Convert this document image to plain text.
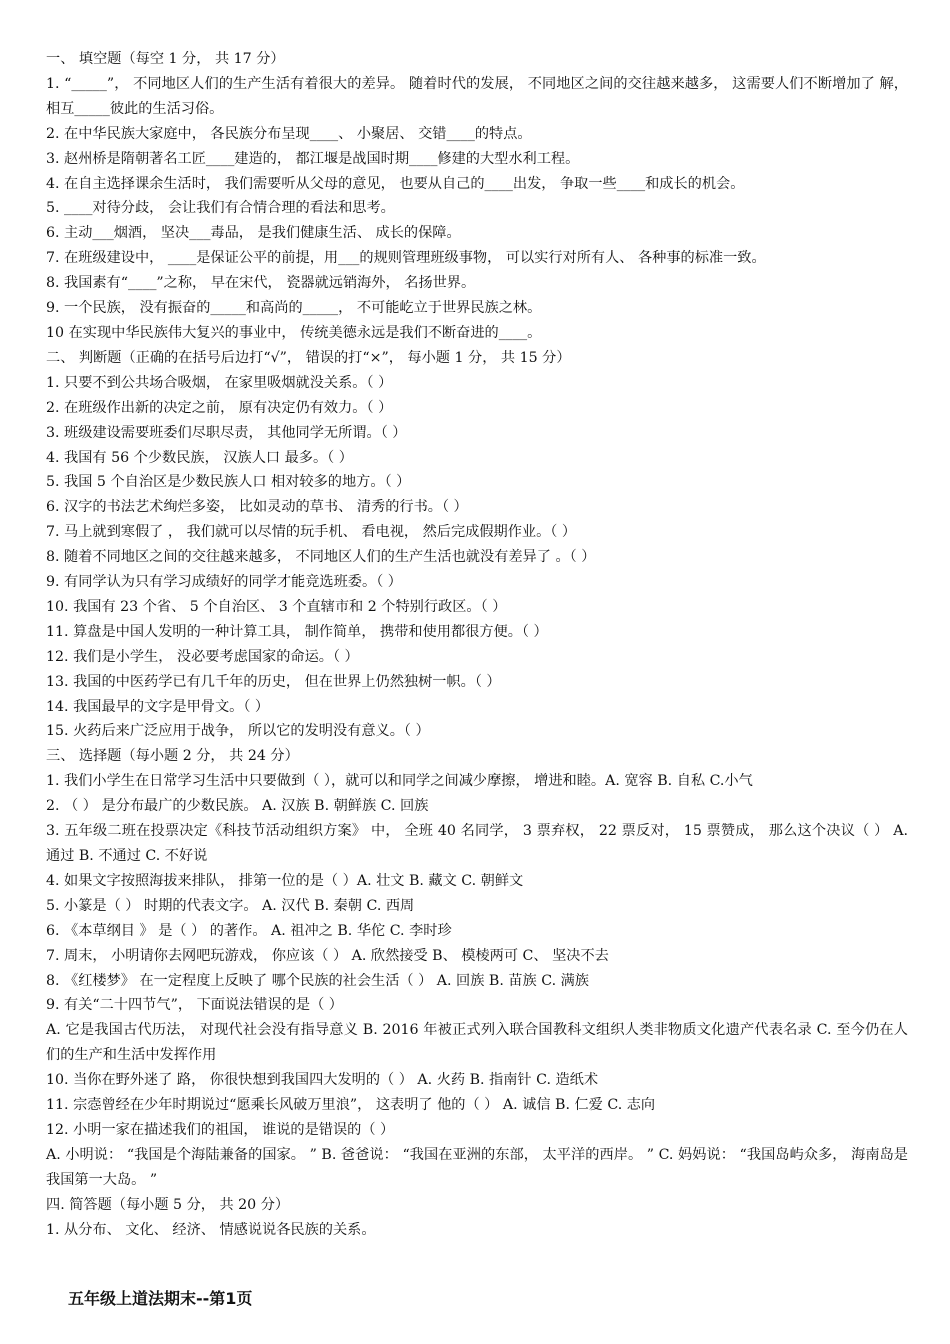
一、 填空题（每空 1 分， 共 17 分）
1. “_____”， 不同地区人们的生产生活有着很大的差异。 随着时代的发展， 不同地区之间的交往越来越多， 这需要人们不断增加了 解， 相互_____彼此的生活习俗。
2. 在中华民族大家庭中， 各民族分布呈现____、 小聚居、 交错____的特点。
3. 赵州桥是隋朝著名工匠____建造的， 都江堰是战国时期____修建的大型水利工程。
4. 在自主选择课余生活时， 我们需要听从父母的意见， 也要从自己的____出发， 争取一些____和成长的机会。
5. ____对待分歧， 会让我们有合情合理的看法和思考。
6. 主动___烟酒， 坚决___毒品， 是我们健康生活、 成长的保障。
7. 在班级建设中， ____是保证公平的前提，用___的规则管理班级事物， 可以实行对所有人、 各种事的标准一致。
8. 我国素有“____”之称， 早在宋代， 瓷器就远销海外， 名扬世界。
9. 一个民族， 没有振奋的_____和高尚的_____， 不可能屹立于世界民族之林。
10 在实现中华民族伟大复兴的事业中， 传统美德永远是我们不断奋进的____。
二、 判断题（正确的在括号后边打“√”， 错误的打“×”， 每小题 1 分， 共 15 分）
1. 只要不到公共场合吸烟， 在家里吸烟就没关系。（ ）
2. 在班级作出新的决定之前， 原有决定仍有效力。（ ）
3. 班级建设需要班委们尽职尽责， 其他同学无所谓。（ ）
4. 我国有 56 个少数民族， 汉族人口 最多。（ ）
5. 我国 5 个自治区是少数民族人口 相对较多的地方。（ ）
6. 汉字的书法艺术绚烂多姿， 比如灵动的草书、 清秀的行书。（ ）
7. 马上就到寒假了 ， 我们就可以尽情的玩手机、 看电视， 然后完成假期作业。（ ）
8. 随着不同地区之间的交往越来越多， 不同地区人们的生产生活也就没有差异了 。（ ）
9. 有同学认为只有学习成绩好的同学才能竞选班委。（ ）
10. 我国有 23 个省、 5 个自治区、 3 个直辖市和 2 个特别行政区。（ ）
11. 算盘是中国人发明的一种计算工具， 制作简单， 携带和使用都很方便。（ ）
12. 我们是小学生， 没必要考虑国家的命运。（ ）
13. 我国的中医药学已有几千年的历史， 但在世界上仍然独树一帜。（ ）
14. 我国最早的文字是甲骨文。（ ）
15. 火药后来广泛应用于战争， 所以它的发明没有意义。（ ）
三、 选择题（每小题 2 分， 共 24 分）
1. 我们小学生在日常学习生活中只要做到（ ），就可以和同学之间减少摩擦， 增进和睦。A. 宽容 B. 自私 C.小气
2. （ ） 是分布最广的少数民族。 A. 汉族 B. 朝鲜族 C. 回族
3. 五年级二班在投票决定《科技节活动组织方案》 中， 全班 40 名同学， 3 票弃权， 22 票反对， 15 票赞成， 那么这个决议（ ） A. 通过 B. 不通过 C. 不好说
4. 如果文字按照海拔来排队， 排第一位的是（ ）A. 壮文 B. 藏文 C. 朝鲜文
5. 小篆是（ ） 时期的代表文字。 A. 汉代 B. 秦朝 C. 西周
6. 《本草纲目 》 是（ ） 的著作。 A. 祖冲之 B. 华佗 C. 李时珍
7. 周末， 小明请你去网吧玩游戏， 你应该（ ） A. 欣然接受 B、 模棱两可 C、 坚决不去
8. 《红楼梦》 在一定程度上反映了 哪个民族的社会生活（ ） A. 回族 B. 苗族 C. 满族
9. 有关“二十四节气”， 下面说法错误的是（ ）
A. 它是我国古代历法， 对现代社会没有指导意义 B. 2016 年被正式列入联合国教科文组织人类非物质文化遗产代表名录 C. 至今仍在人们的生产和生活中发挥作用
10. 当你在野外迷了 路， 你很快想到我国四大发明的（ ） A. 火药 B. 指南针 C. 造纸术
11. 宗悫曾经在少年时期说过“愿乘长风破万里浪”， 这表明了 他的（ ） A. 诚信 B. 仁爱 C. 志向
12. 小明一家在描述我们的祖国， 谁说的是错误的（ ）
A. 小明说： “我国是个海陆兼备的国家。 ” B. 爸爸说： “我国在亚洲的东部， 太平洋的西岸。 ” C. 妈妈说： “我国岛屿众多， 海南岛是我国第一大岛。 ”
四. 简答题（每小题 5 分， 共 20 分）
1. 从分布、 文化、 经济、 情感说说各民族的关系。
五年级上道法期末--第1页
